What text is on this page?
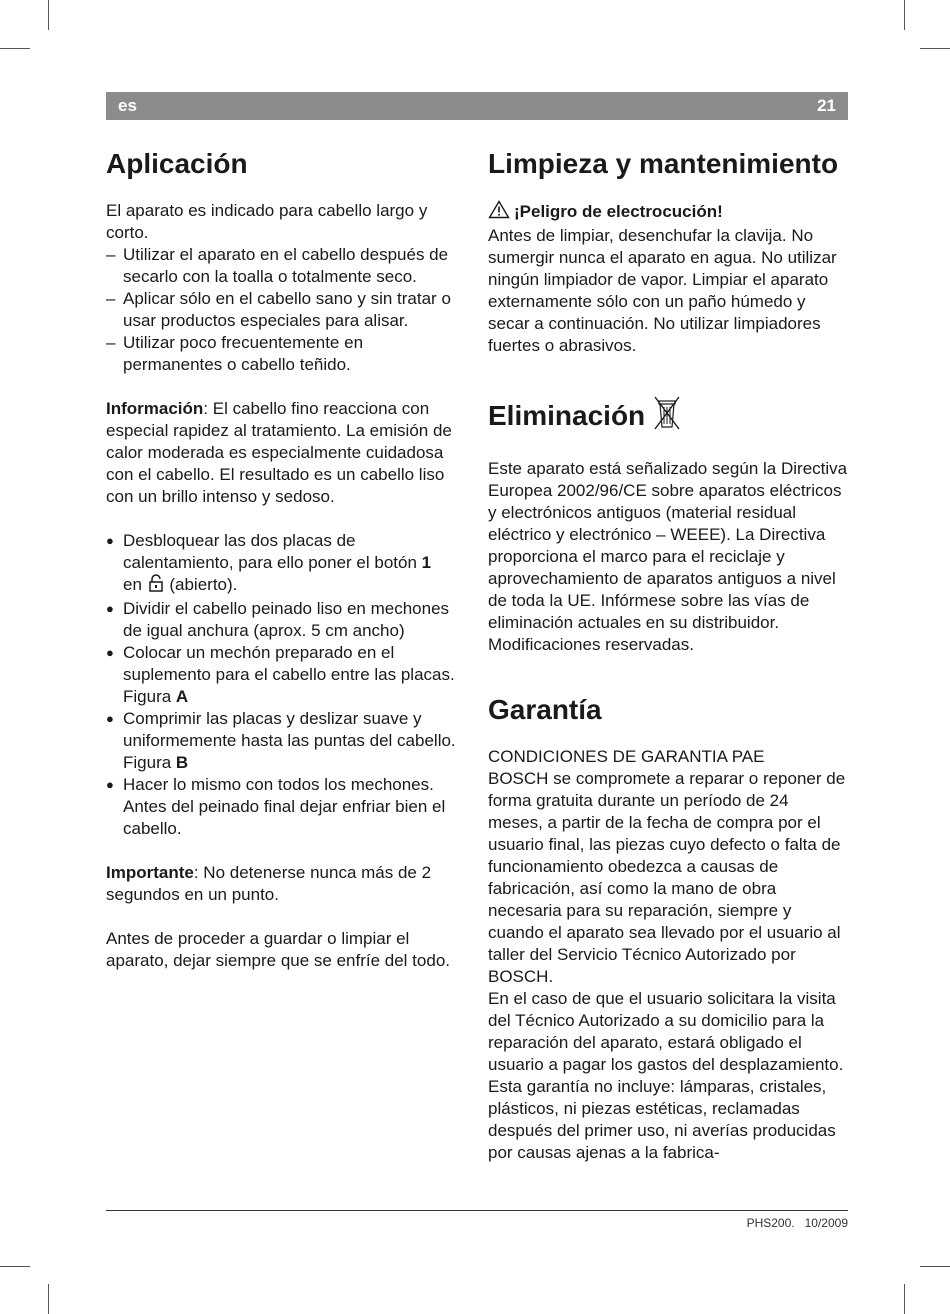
es	21
Aplicación

El aparato es indicado para cabello largo y corto.

– Utilizar el aparato en el cabello después de secarlo con la toalla o totalmente seco.
– Aplicar sólo en el cabello sano y sin tratar o usar productos especiales para alisar.
– Utilizar poco frecuentemente en permanentes o cabello teñido.

Información: El cabello fino reacciona con especial rapidez al tratamiento. La emisión de calor moderada es especialmente cuidadosa con el cabello. El resultado es un cabello liso con un brillo intenso y sedoso.

● Desbloquear las dos placas de calentamiento, para ello poner el botón 1
en  (abierto).
● Dividir el cabello peinado liso en mechones de igual anchura (aprox. 5 cm ancho)
● Colocar un mechón preparado en el suplemento para el cabello entre las placas. Figura A
● Comprimir las placas y deslizar suave y uniformemente hasta las puntas del cabello. Figura B
● Hacer lo mismo con todos los mechones. Antes del peinado final dejar enfriar bien el cabello.

Importante: No detenerse nunca más de 2 segundos en un punto.

Antes de proceder a guardar o limpiar el aparato, dejar siempre que se enfríe del todo.

Limpieza y mantenimiento

¡Peligro de electrocución!

Antes de limpiar, desenchufar la clavija. No sumergir nunca el aparato en agua. No utilizar ningún limpiador de vapor. Limpiar el aparato externamente sólo con un paño húmedo y secar a continuación. No utilizar limpiadores fuertes o abrasivos.

Eliminación

Este aparato está señalizado según la Directiva Europea 2002/96/CE sobre aparatos eléctricos y electrónicos antiguos (material residual eléctrico y electrónico – WEEE). La Directiva proporciona el marco para el reciclaje y aprovechamiento de aparatos antiguos a nivel de toda la UE. Infórmese sobre las vías de eliminación actuales en su distribuidor.

Modificaciones reservadas.

Garantía

CONDICIONES DE GARANTIA PAE

BOSCH se compromete a reparar o reponer de forma gratuita durante un período de 24 meses, a partir de la fecha de compra por el usuario final, las piezas cuyo defecto o falta de funcionamiento obedezca a causas de fabricación, así como la mano de obra necesaria para su reparación, siempre y cuando el aparato sea llevado por el usuario al taller del Servicio Técnico Autorizado por BOSCH.

En el caso de que el usuario solicitara la visita del Técnico Autorizado a su domicilio para la reparación del aparato, estará obligado el usuario a pagar los gastos del desplazamiento.

Esta garantía no incluye: lámparas, cristales, plásticos, ni piezas estéticas, reclamadas después del primer uso, ni averías producidas por causas ajenas a la fabrica-

PHS200. 10/2009
